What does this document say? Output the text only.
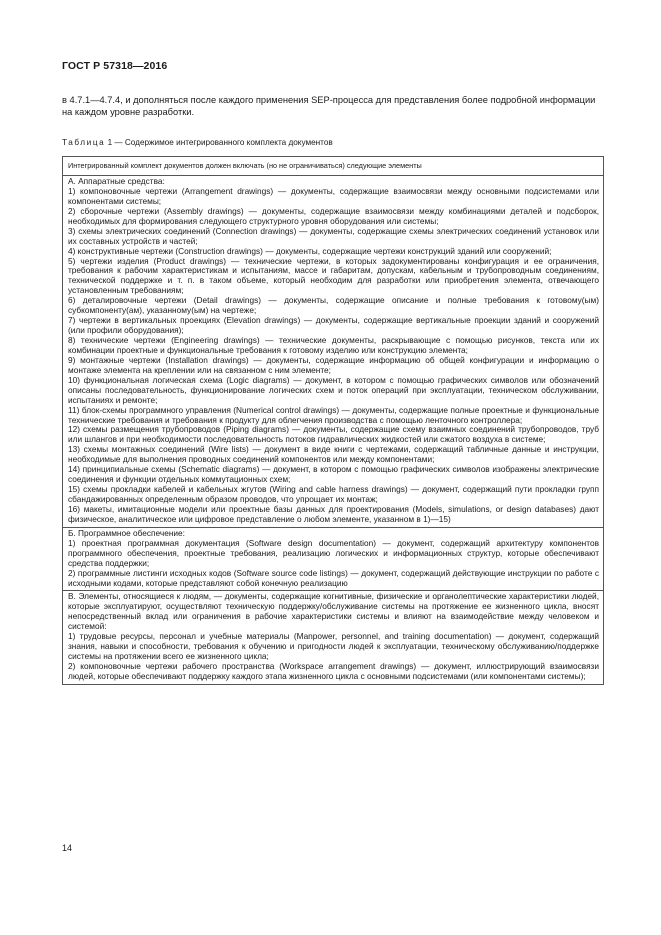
ГОСТ Р 57318—2016
в 4.7.1—4.7.4, и дополняться после каждого применения SEP-процесса для представления более подробной информации на каждом уровне разработки.
Таблица 1 — Содержимое интегрированного комплекта документов
Интегрированный комплект документов должен включать (но не ограничиваться) следующие элементы

А. Аппаратные средства:
1) компоновочные чертежи (Arrangement drawings) — документы, содержащие взаимосвязи между основными подсистемами или компонентами системы;
2) сборочные чертежи (Assembly drawings) — документы, содержащие взаимосвязи между комбинациями деталей и подсборок, необходимых для формирования следующего структурного уровня оборудования или системы;
3) схемы электрических соединений (Connection drawings) — документы, содержащие схемы электрических соединений установок или их составных устройств и частей;
4) конструктивные чертежи (Construction drawings) — документы, содержащие чертежи конструкций зданий или сооружений;
5) чертежи изделия (Product drawings) — технические чертежи, в которых задокументированы конфигурация и ее ограничения, требования к рабочим характеристикам и испытаниям, массе и габаритам, допускам, кабельным и трубопроводным соединениям, технической поддержке и т. п. в таком объеме, который необходим для разработки или приобретения элемента, отвечающего установленным требованиям;
6) деталировочные чертежи (Detail drawings) — документы, содержащие описание и полные требования к готовому(ым) субкомпоненту(ам), указанному(ым) на чертеже;
7) чертежи в вертикальных проекциях (Elevation drawings) — документы, содержащие вертикальные проекции зданий и сооружений (или профили оборудования);
8) технические чертежи (Engineering drawings) — технические документы, раскрывающие с помощью рисунков, текста или их комбинации проектные и функциональные требования к готовому изделию или конструкцию элемента;
9) монтажные чертежи (Installation drawings) — документы, содержащие информацию об общей конфигурации и информацию о монтаже элемента на креплении или на связанном с ним элементе;
10) функциональная логическая схема (Logic diagrams) — документ, в котором с помощью графических символов или обозначений описаны последовательность, функционирование логических схем и поток операций при эксплуатации, техническом обслуживании, испытаниях и ремонте;
11) блок-схемы программного управления (Numerical control drawings) — документы, содержащие полные проектные и функциональные технические требования и требования к продукту для облегчения производства с помощью ленточного контроллера;
12) схемы размещения трубопроводов (Piping diagrams) — документы, содержащие схему взаимных соединений трубопроводов, труб или шлангов и при необходимости последовательность потоков гидравлических жидкостей или сжатого воздуха в системе;
13) схемы монтажных соединений (Wire lists) — документ в виде книги с чертежами, содержащий табличные данные и инструкции, необходимые для выполнения проводных соединений компонентов или между компонентами;
14) принципиальные схемы (Schematic diagrams) — документ, в котором с помощью графических символов изображены электрические соединения и функции отдельных коммутационных схем;
15) схемы прокладки кабелей и кабельных жгутов (Wiring and cable harness drawings) — документ, содержащий пути прокладки групп сбандажированных определенным образом проводов, что упрощает их монтаж;
16) макеты, имитационные модели или проектные базы данных для проектирования (Models, simulations, or design databases) дают физическое, аналитическое или цифровое представление о любом элементе, указанном в 1)—15)

Б. Программное обеспечение:
1) проектная программная документация (Software design documentation) — документ, содержащий архитектуру компонентов программного обеспечения, проектные требования, реализацию логических и информационных структур, которые обеспечивают средства поддержки;
2) программные листинги исходных кодов (Software source code listings) — документ, содержащий действующие инструкции по работе с исходными кодами, которые представляют собой конечную реализацию

В. Элементы, относящиеся к людям, — документы, содержащие когнитивные, физические и органолептические характеристики людей, которые эксплуатируют, осуществляют техническую поддержку/обслуживание системы на протяжение ее жизненного цикла, вносят непосредственный вклад или ограничения в рабочие характеристики системы и влияют на взаимодействие между человеком и системой:
1) трудовые ресурсы, персонал и учебные материалы (Manpower, personnel, and training documentation) — документ, содержащий знания, навыки и способности, требования к обучению и пригодности людей к эксплуатации, техническому обслуживанию/поддержке системы на протяжении всего ее жизненного цикла;
2) компоновочные чертежи рабочего пространства (Workspace arrangement drawings) — документ, иллюстрирующий взаимосвязи людей, которые обеспечивают поддержку каждого этапа жизненного цикла с основными подсистемами (или компонентами системы);
14
